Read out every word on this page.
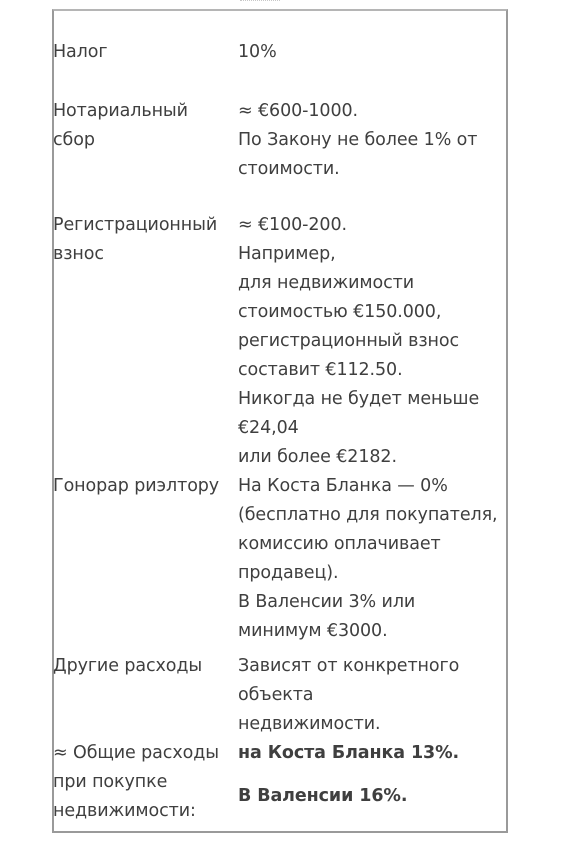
Налог	10%
Нотариальный
сбор
≈ €600-1000.
По Закону не более 1% от
стоимости.
Регистрационный
взнос
≈ €100-200.
Например,
для недвижимости
стоимостью €150.000,
регистрационный взнос
составит €112.50.
Никогда не будет меньше
€24,04
или более €2182.
Гонорар риэлтору На Коста Бланка — 0%
(бесплатно для покупателя,
комиссию оплачивает
продавец).
В Валенсии 3% или
минимум €3000.
Другие расходы Зависят от конкретного
объекта
недвижимости.
≈ Общие расходы
при покупке
недвижимости:
на Коста Бланка 13%.
В Валенсии 16%.
